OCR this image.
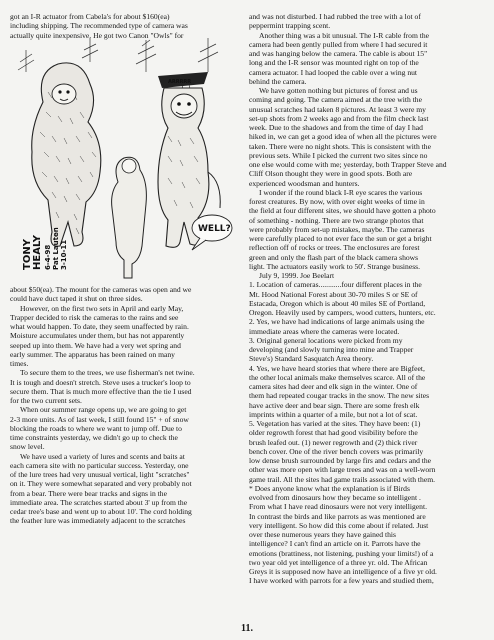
got an I-R actuator from Cabela's for about $160(ea)

including shipping. The recommended type of camera was

actually quite inexpensive. He got two Canon "Owls" for

ARRRRR
WELL?
TONY HEALY 6-4-98 Pat Lauten 3-10-11

about $50(ea). The mount for the cameras was open and we

could have duct taped it shut on three sides.

However, on the first two sets in April and early May,

Trapper decided to risk the cameras to the rains and see

what would happen. To date, they seem unaffected by rain.

Moisture accumulates under them, but has not apparently

seeped up into them. We have had a very wet spring and

early summer. The apparatus has been rained on many

times.

To secure them to the trees, we use fisherman's net twine.

It is tough and doesn't stretch. Steve uses a trucker's loop to

secure them. That is much more effective than the tie I used

for the two current sets.

When our summer range opens up, we are going to get

2-3 more units. As of last week, I still found 15" + of snow

blocking the roads to where we want to jump off. Due to

time constraints yesterday, we didn't go up to check the

snow level.

We have used a variety of lures and scents and baits at

each camera site with no particular success. Yesterday, one

of the lure trees had very unusual vertical, light "scratches"

on it. They were somewhat separated and very probably not

from a bear. There were bear tracks and signs in the

immediate area. The scratches started about 3' up from the

cedar tree's base and went up to about 10'. The cord holding

the feather lure was immediately adjacent to the scratches

and was not disturbed. I had rubbed the tree with a lot of

peppermint trapping scent.

Another thing was a bit unusual. The I-R cable from the

camera had been gently pulled from where I had secured it

and was hanging below the camera. The cable is about 15"

long and the I-R sensor was mounted right on top of the

camera actuator. I had looped the cable over a wing nut

behind the camera.

We have gotten nothing but pictures of forest and us

coming and going. The camera aimed at the tree with the

unusual scratches had taken 8 pictures. At least 3 were my

set-up shots from 2 weeks ago and from the film check last

week. Due to the shadows and from the time of day I had

hiked in, we can get a good idea of when all the pictures were

taken. There were no night shots. This is consistent with the

previous sets. While I picked the current two sites since no

one else would come with me; yesterday, both Trapper Steve and

Cliff Olson thought they were in good spots. Both are

experienced woodsman and hunters.

I wonder if the round black I-R eye scares the various

forest creatures. By now, with over eight weeks of time in

the field at four different sites, we should have gotten a photo

of something - nothing. There are two strange photos that

were probably from set-up mistakes, maybe. The cameras

were carefully placed to not ever face the sun or get a bright

reflection off of rocks or trees. The enclosures are forest

green and only the flash part of the black camera shows

light. The actuators easily work to 50'. Strange business.

July 9, 1999. Joe Beelart

1. Location of cameras............four different places in the

Mt. Hood National Forest about 30-70 miles S or SE of

Estacada, Oregon which is about 40 miles SE of Portland,

Oregon. Heavily used by campers, wood cutters, hunters, etc.

2. Yes, we have had indications of large animals using the

immediate areas where the cameras were located.

3. Original general locations were picked from my

developing (and slowly turning into mine and Trapper

Steve's) Standard Sasquatch Area theory.

4. Yes, we have heard stories that where there are Bigfeet,

the other local animals make themselves scarce. All of the

camera sites had deer and elk sign in the winter. One of

them had repeated cougar tracks in the snow. The new sites

have active deer and bear sign. There are some fresh elk

imprints within a quarter of a mile, but not a lot of scat.

5. Vegetation has varied at the sites. They have been: (1)

older regrowth forest that had good visibility before the

brush leafed out. (1) newer regrowth and (2) thick river

bench cover. One of the river bench covers was primarily

low dense brush surrounded by large firs and cedars and the

other was more open with large trees and was on a well-worn

game trail. All the sites had game trails associated with them.

* Does anyone know what the explanation is if Birds

evolved from dinosaurs how they became so intelligent .

From what I have read dinosaurs were not very intelligent.

In contrast the birds and like parrots as was mentioned are

very intelligent. So how did this come about if related. Just

over these numerous years they have gained this

intelligence? I can't find an article on it. Parrots have the

emotions (brattiness, not listening, pushing your limits!) of a

two year old yet intelligence of a three yr. old. The African

Greys it is supposed now have an intelligence of a five yr old.

I have worked with parrots for a few years and studied them,

11.
